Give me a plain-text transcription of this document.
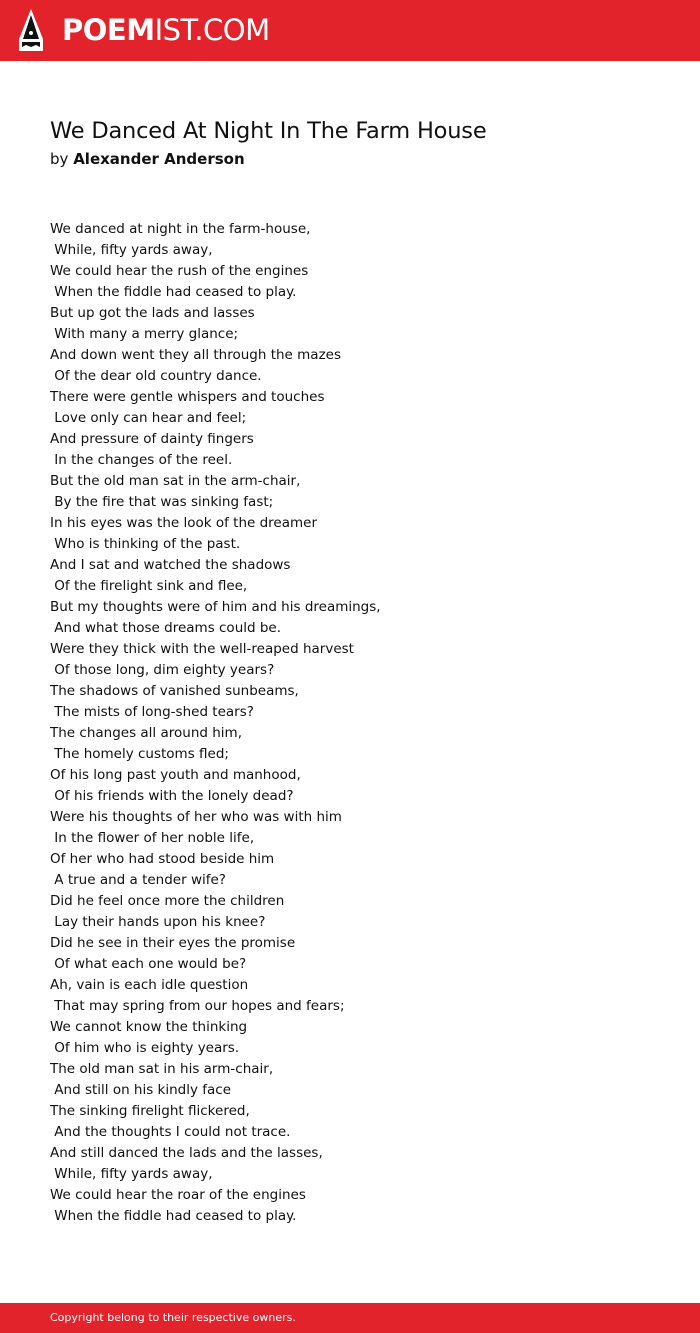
POEMIST.COM
We Danced At Night In The Farm House
by Alexander Anderson
We danced at night in the farm-house,
While, fifty yards away,
We could hear the rush of the engines
When the fiddle had ceased to play.
But up got the lads and lasses
With many a merry glance;
And down went they all through the mazes
Of the dear old country dance.
There were gentle whispers and touches
Love only can hear and feel;
And pressure of dainty fingers
In the changes of the reel.
But the old man sat in the arm-chair,
By the fire that was sinking fast;
In his eyes was the look of the dreamer
Who is thinking of the past.
And I sat and watched the shadows
Of the firelight sink and flee,
But my thoughts were of him and his dreamings,
And what those dreams could be.
Were they thick with the well-reaped harvest
Of those long, dim eighty years?
The shadows of vanished sunbeams,
The mists of long-shed tears?
The changes all around him,
The homely customs fled;
Of his long past youth and manhood,
Of his friends with the lonely dead?
Were his thoughts of her who was with him
In the flower of her noble life,
Of her who had stood beside him
A true and a tender wife?
Did he feel once more the children
Lay their hands upon his knee?
Did he see in their eyes the promise
Of what each one would be?
Ah, vain is each idle question
That may spring from our hopes and fears;
We cannot know the thinking
Of him who is eighty years.
The old man sat in his arm-chair,
And still on his kindly face
The sinking firelight flickered,
And the thoughts I could not trace.
And still danced the lads and the lasses,
While, fifty yards away,
We could hear the roar of the engines
When the fiddle had ceased to play.
Copyright belong to their respective owners.
